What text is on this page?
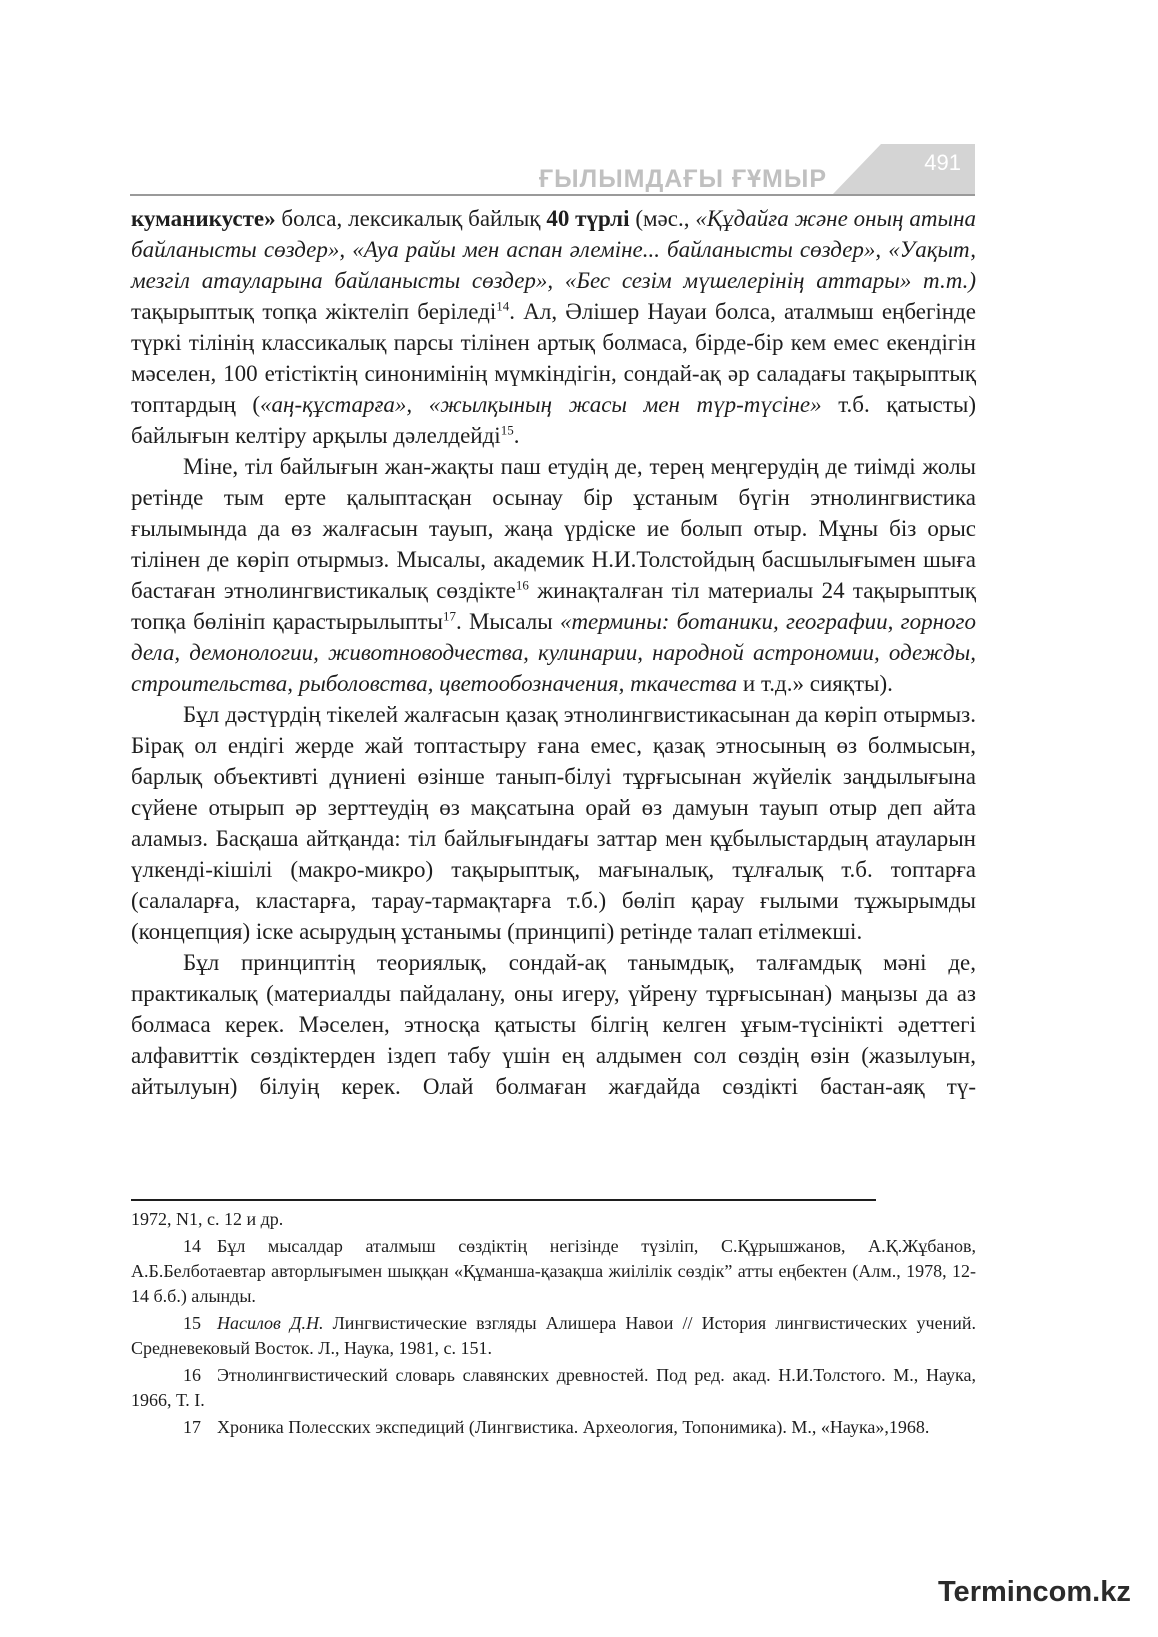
ҒЫЛЫМДАҒЫ ҒҰМЫР
491

куманикусте» болса, лексикалық байлық 40 түрлі (мәс., «Құдайға және оның атына байланысты сөздер», «Ауа райы мен аспан әлеміне... байланысты сөздер», «Уақыт, мезгіл атауларына байланысты сөздер», «Бес сезім мүшелерінің аттары» т.т.) тақырыптық топқа жіктеліп беріледі$^{14}$. Ал, Әлішер Науаи болса, аталмыш еңбегінде түркі тілінің классикалық парсы тілінен артық болмаса, бірде-бір кем емес екендігін мәселен, 100 етістіктің синонимінің мүмкіндігін, сондай-ақ әр саладағы тақырыптық топтардың («аң-құстарға», «жылқының жасы мен түр-түсіне» т.б. қатысты) байлығын келтіру арқылы дәлелдейді$^{15}$.

Міне, тіл байлығын жан-жақты паш етудің де, терең меңгерудің де тиімді жолы ретінде тым ерте қалыптасқан осынау бір ұстаным бүгін этнолингвистика ғылымында да өз жалғасын тауып, жаңа үрдіске ие болып отыр. Мұны біз орыс тілінен де көріп отырмыз. Мысалы, академик Н.И.Толстойдың басшылығымен шыға бастаған этнолингвистикалық сөздікте$^{16}$ жинақталған тіл материалы 24 тақырыптық топқа бөлініп қарастырылыпты$^{17}$. Мысалы «термины: ботаники, географии, горного дела, демонологии, животноводчества, кулинарии, народной астрономии, одежды, строительства, рыболовства, цветообозначения, ткачества и т.д.» сияқты).

Бұл дәстүрдің тікелей жалғасын қазақ этнолингвистикасынан да көріп отырмыз. Бірақ ол ендігі жерде жай топтастыру ғана емес, қазақ этносының өз болмысын, барлық объективті дүниені өзінше танып-білуі тұрғысынан жүйелік заңдылығына сүйене отырып әр зерттеудің өз мақсатына орай өз дамуын тауып отыр деп айта аламыз. Басқаша айтқанда: тіл байлығындағы заттар мен құбылыстардың атауларын үлкенді-кішілі (макро-микро) тақырыптық, мағыналық, тұлғалық т.б. топтарға (салаларға, кластарға, тарау-тармақтарға т.б.) бөліп қарау ғылыми тұжырымды (концепция) іске асырудың ұстанымы (принципі) ретінде талап етілмекші.

Бұл принциптің теориялық, сондай-ақ танымдық, талғамдық мәні де, практикалық (материалды пайдалану, оны игеру, үйрену тұрғысынан) маңызы да аз болмаса керек. Мәселен, этносқа қатысты білгің келген ұғым-түсінікті әдеттегі алфавиттік сөздіктерден іздеп табу үшін ең алдымен сол сөздің өзін (жазылуын, айтылуын) білуің керек. Олай болмаған жағдайда сөздікті бастан-аяқ тү-

1972, N1, с. 12 и др.

14 Бұл мысалдар аталмыш сөздіктің негізінде түзіліп, С.Құрышжанов, А.Қ.Жұбанов, А.Б.Белботаевтар авторлығымен шыққан «Құманша-қазақша жиілілік сөздік” атты еңбектен (Алм., 1978, 12-14 б.б.) алынды.

15 Насилов Д.Н. Лингвистические взгляды Алишера Навои // История лингвистических учений. Средневековый Восток. Л., Наука, 1981, с. 151.

16 Этнолингвистический словарь славянских древностей. Под ред. акад. Н.И.Толстого. М., Наука, 1966, Т. I.

17 Хроника Полесских экспедиций (Лингвистика. Археология, Топонимика). М., «Наука»,1968.

Termincom.kz
